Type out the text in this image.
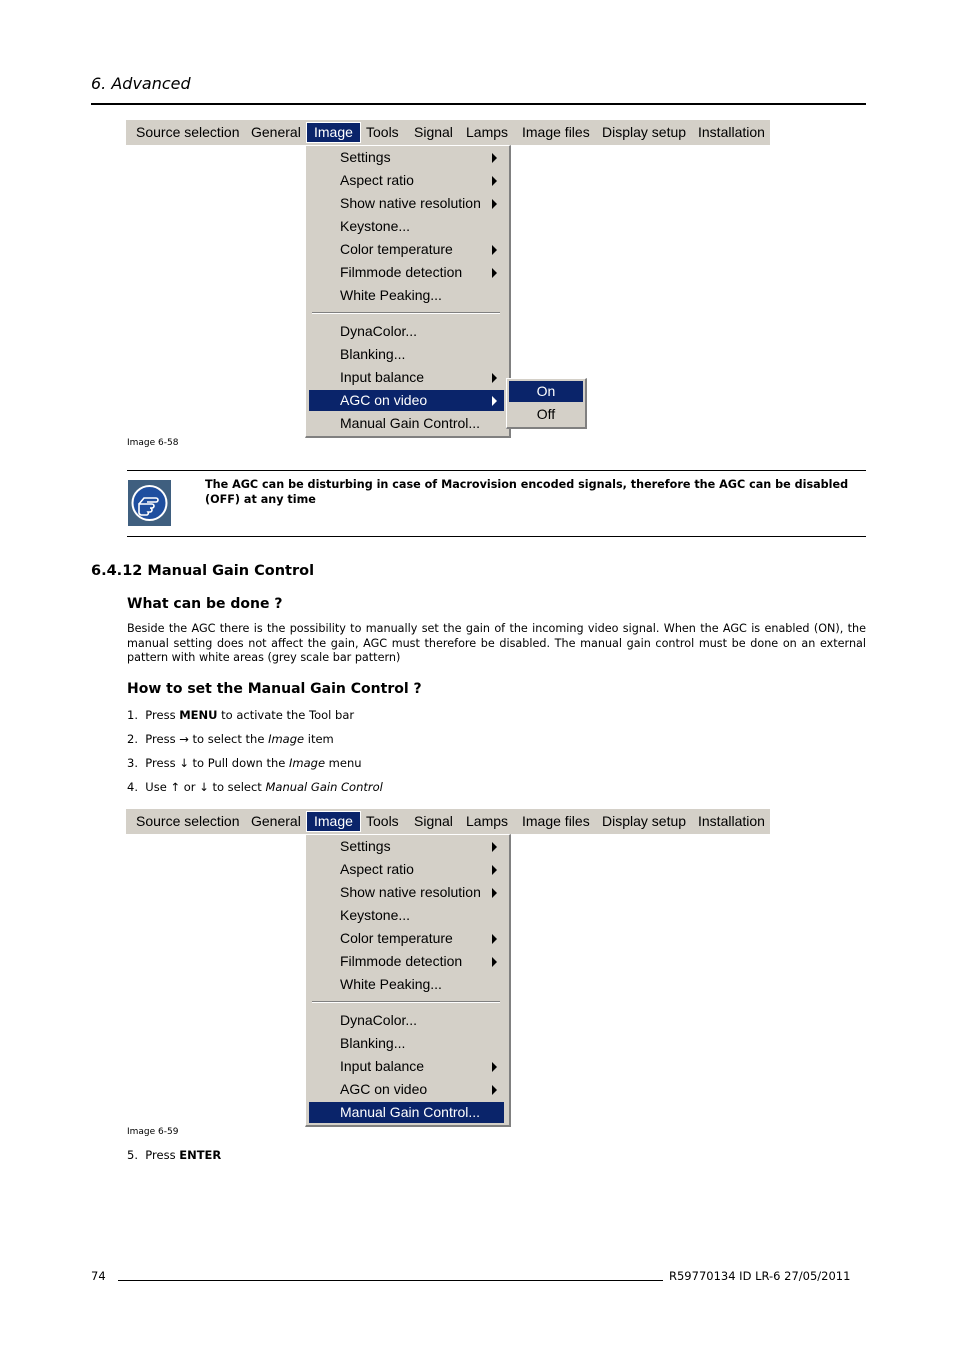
6. Advanced
Source selection General Image Tools	Signal Lamps Image files Display setup Installation
Settings
Aspect ratio
Show native resolution
Keystone...
Color temperature
Filmmode detection
White Peaking...
DynaColor...
Blanking...
Input balance
AGC on video
Manual Gain Control...
On
Off
Image 6-58
The AGC can be disturbing in case of Macrovision encoded signals, therefore the AGC can be disabled (OFF) at any time
6.4.12 Manual Gain Control
What can be done ?
Beside the AGC there is the possibility to manually set the gain of the incoming video signal. When the AGC is enabled (ON), the manual setting does not affect the gain, AGC must therefore be disabled. The manual gain control must be done on an external pattern with white areas (grey scale bar pattern)
How to set the Manual Gain Control ?
1. Press MENU to activate the Tool bar
2. Press → to select the Image item
3. Press ↓ to Pull down the Image menu
4. Use ↑ or ↓ to select Manual Gain Control
Source selection General Image Tools	Signal Lamps Image files Display setup Installation
Settings
Aspect ratio
Show native resolution
Keystone...
Color temperature
Filmmode detection
White Peaking...
DynaColor...
Blanking...
Input balance
AGC on video
Manual Gain Control...
Image 6-59
5. Press ENTER
74	R59770134 ID LR-6 27/05/2011
